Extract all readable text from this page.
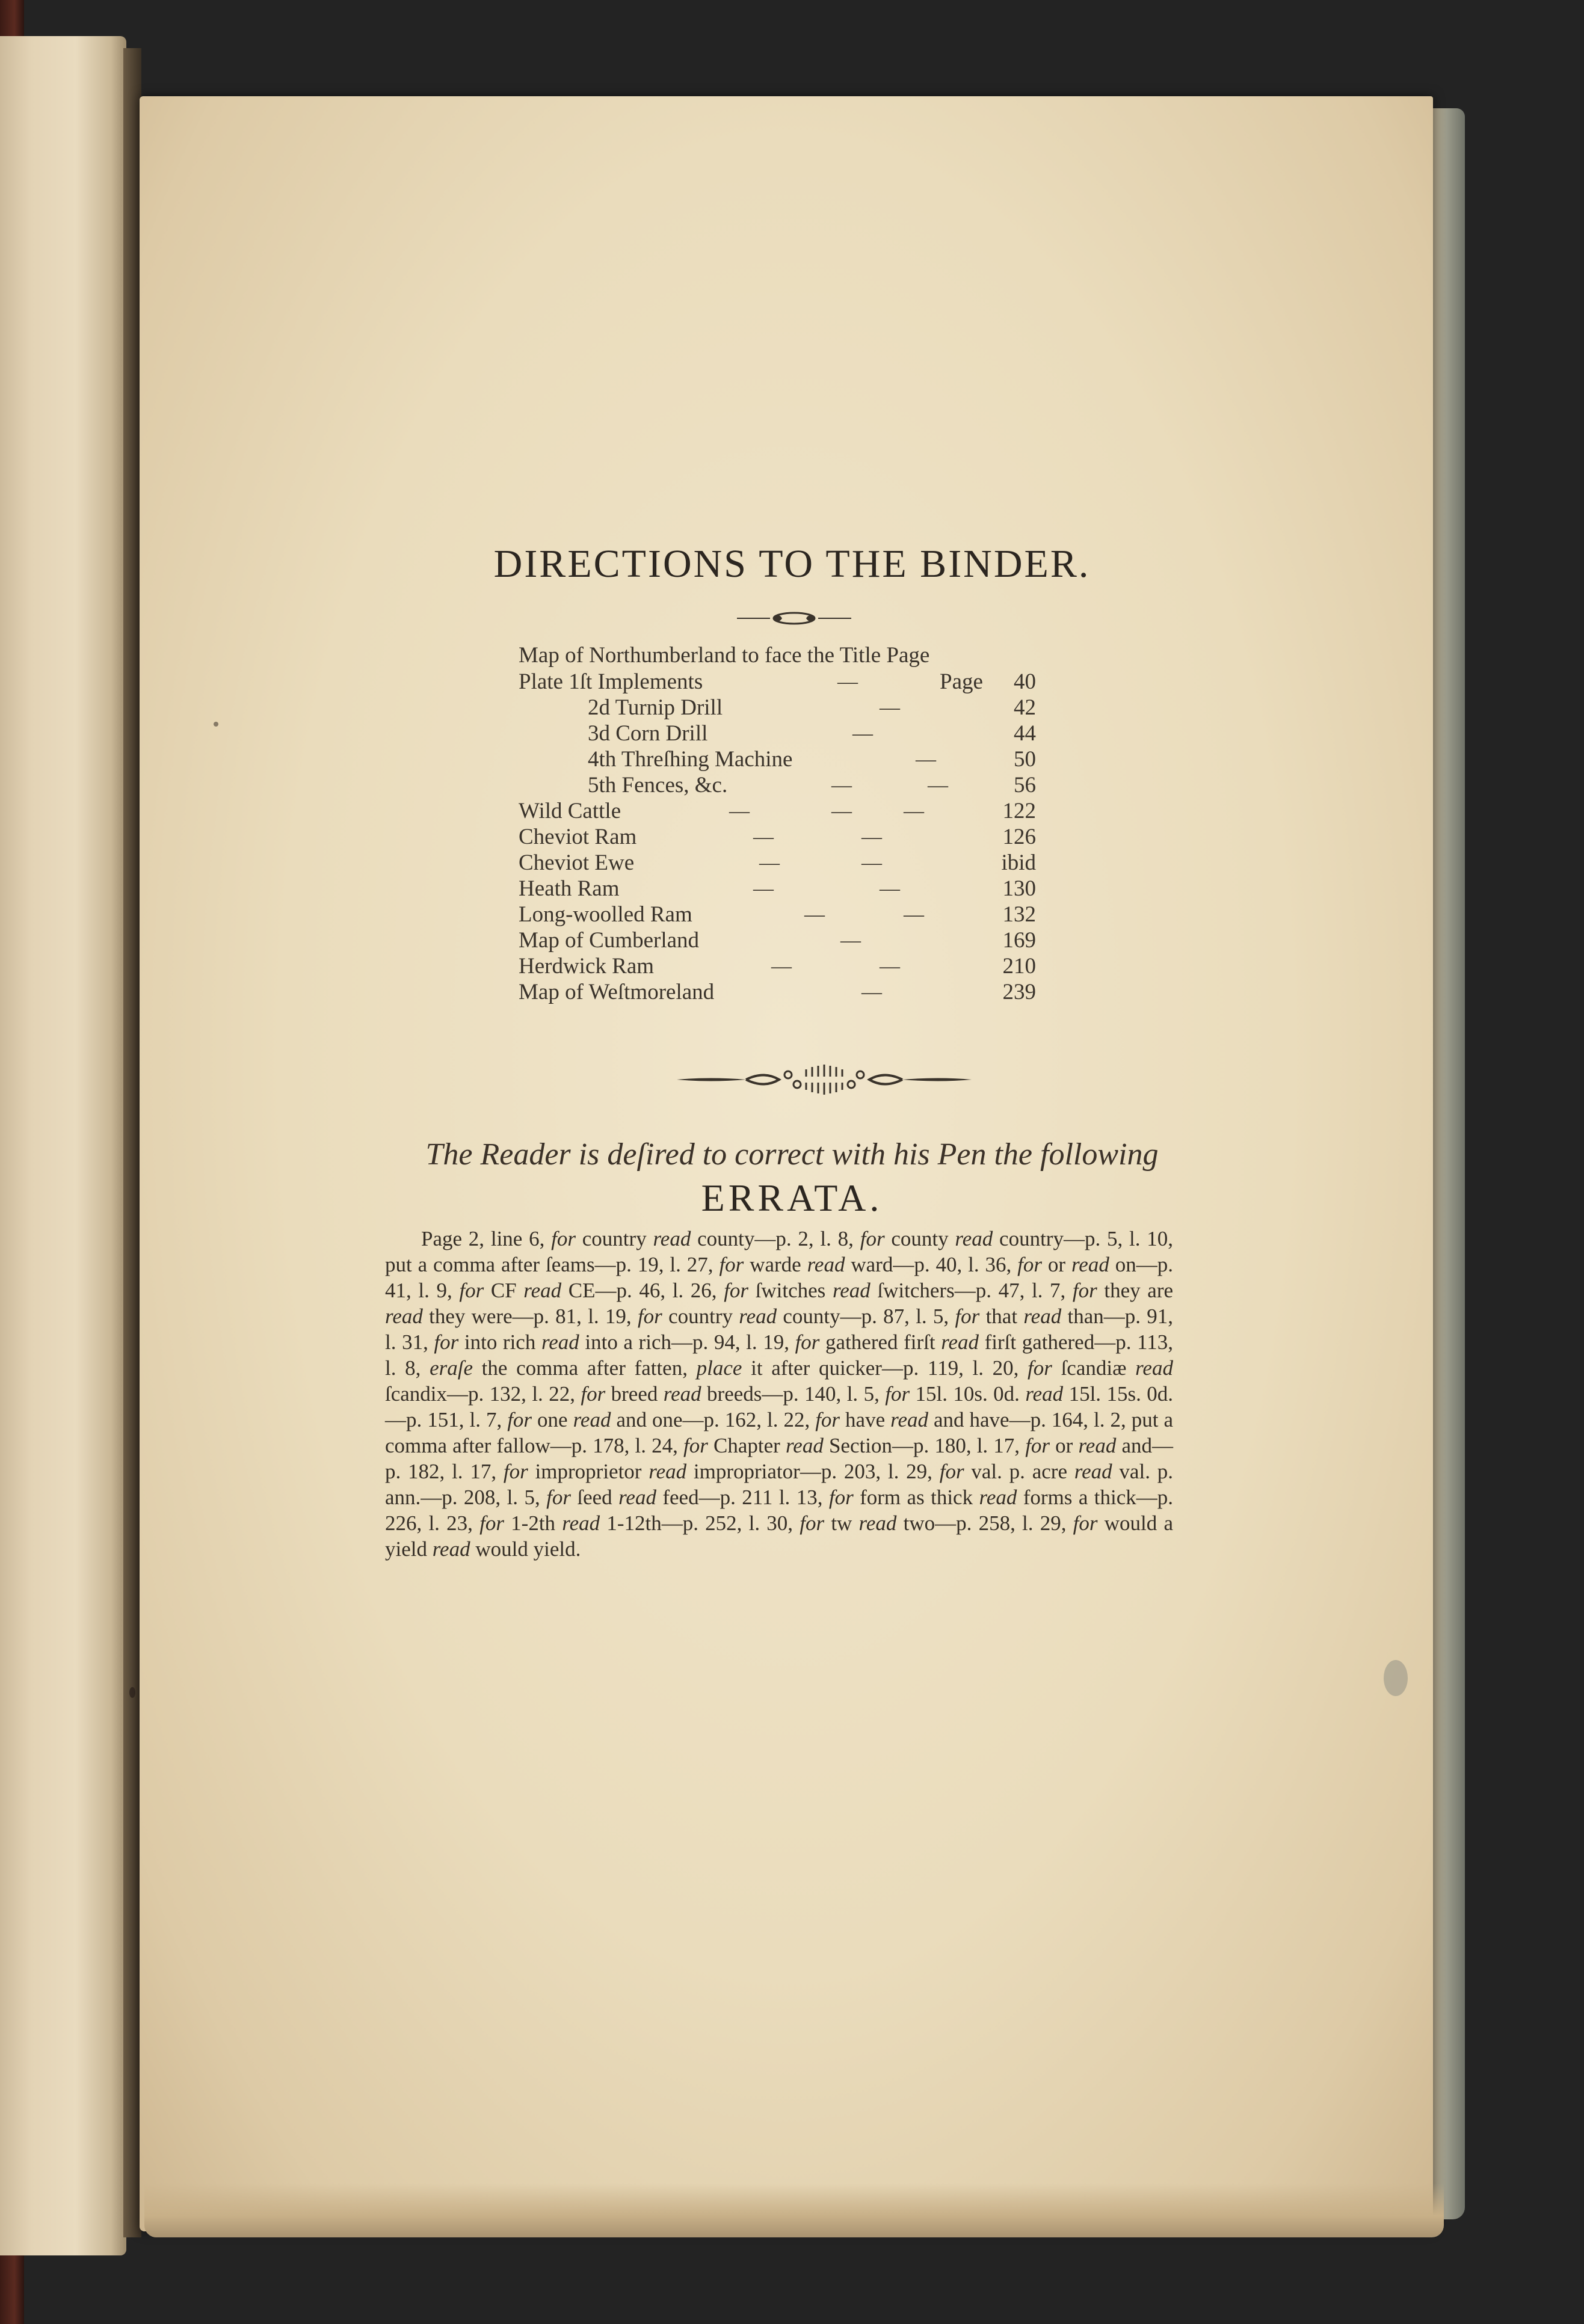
DIRECTIONS TO THE BINDER.
Map of Northumberland to face the Title Page
Plate 1ſt Implements	—	Page 40
2d Turnip Drill	—	42
3d Corn Drill	—	44
4th Threſhing Machine	—	50
5th Fences, &c.	—	—	56
Wild Cattle	—	—	—	122
Cheviot Ram	—	—	126
Cheviot Ewe	—	—	ibid
Heath Ram	—	—	130
Long-woolled Ram	—	—	132
Map of Cumberland	—	169
Herdwick Ram	—	—	210
Map of Weſtmoreland	—	239
The Reader is deſired to correct with his Pen the following
ERRATA.
Page 2, line 6, for country read county—p. 2, l. 8, for county read country—p. 5, l. 10, put a comma after ſeams—p. 19, l. 27, for warde read ward—p. 40, l. 36, for or read on—p. 41, l. 9, for CF read CE—p. 46, l. 26, for ſwitches read ſwitchers—p. 47, l. 7, for they are read they were—p. 81, l. 19, for country read county—p. 87, l. 5, for that read than—p. 91, l. 31, for into rich read into a rich—p. 94, l. 19, for gathered firſt read firſt gathered—p. 113, l. 8, eraſe the comma after fatten, place it after quicker—p. 119, l. 20, for ſcandiæ read ſcandix—p. 132, l. 22, for breed read breeds—p. 140, l. 5, for 15l. 10s. 0d. read 15l. 15s. 0d.—p. 151, l. 7, for one read and one—p. 162, l. 22, for have read and have—p. 164, l. 2, put a comma after fallow—p. 178, l. 24, for Chapter read Section—p. 180, l. 17, for or read and—p. 182, l. 17, for improprietor read impropriator—p. 203, l. 29, for val. p. acre read val. p. ann.—p. 208, l. 5, for ſeed read feed—p. 211 l. 13, for form as thick read forms a thick—p. 226, l. 23, for 1-2th read 1-12th—p. 252, l. 30, for tw read two—p. 258, l. 29, for would a yield read would yield.
